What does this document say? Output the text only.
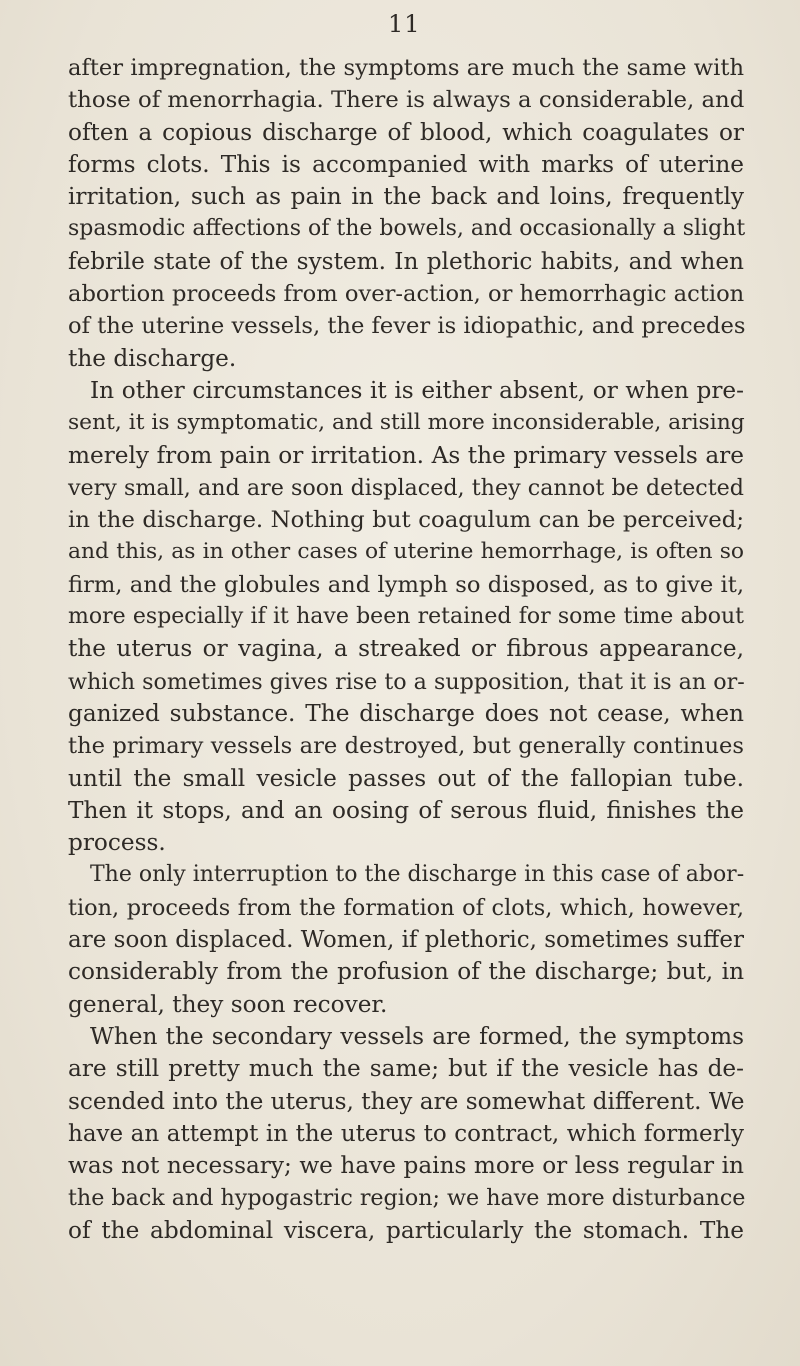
11
after impregnation, the symptoms are much the same with
those of menorrhagia. There is always a considerable, and
often a copious discharge of blood, which coagulates or
forms clots. This is accompanied with marks of uterine
irritation, such as pain in the back and loins, frequently
spasmodic affections of the bowels, and occasionally a slight
febrile state of the system. In plethoric habits, and when
abortion proceeds from over-action, or hemorrhagic action
of the uterine vessels, the fever is idiopathic, and precedes
the discharge.
In other circumstances it is either absent, or when pre-
sent, it is symptomatic, and still more inconsiderable, arising
merely from pain or irritation. As the primary vessels are
very small, and are soon displaced, they cannot be detected
in the discharge. Nothing but coagulum can be perceived;
and this, as in other cases of uterine hemorrhage, is often so
firm, and the globules and lymph so disposed, as to give it,
more especially if it have been retained for some time about
the uterus or vagina, a streaked or fibrous appearance,
which sometimes gives rise to a supposition, that it is an or-
ganized substance. The discharge does not cease, when
the primary vessels are destroyed, but generally continues
until the small vesicle passes out of the fallopian tube.
Then it stops, and an oosing of serous fluid, finishes the
process.
The only interruption to the discharge in this case of abor-
tion, proceeds from the formation of clots, which, however,
are soon displaced. Women, if plethoric, sometimes suffer
considerably from the profusion of the discharge; but, in
general, they soon recover.
When the secondary vessels are formed, the symptoms
are still pretty much the same; but if the vesicle has de-
scended into the uterus, they are somewhat different. We
have an attempt in the uterus to contract, which formerly
was not necessary; we have pains more or less regular in
the back and hypogastric region; we have more disturbance
of the abdominal viscera, particularly the stomach. The
